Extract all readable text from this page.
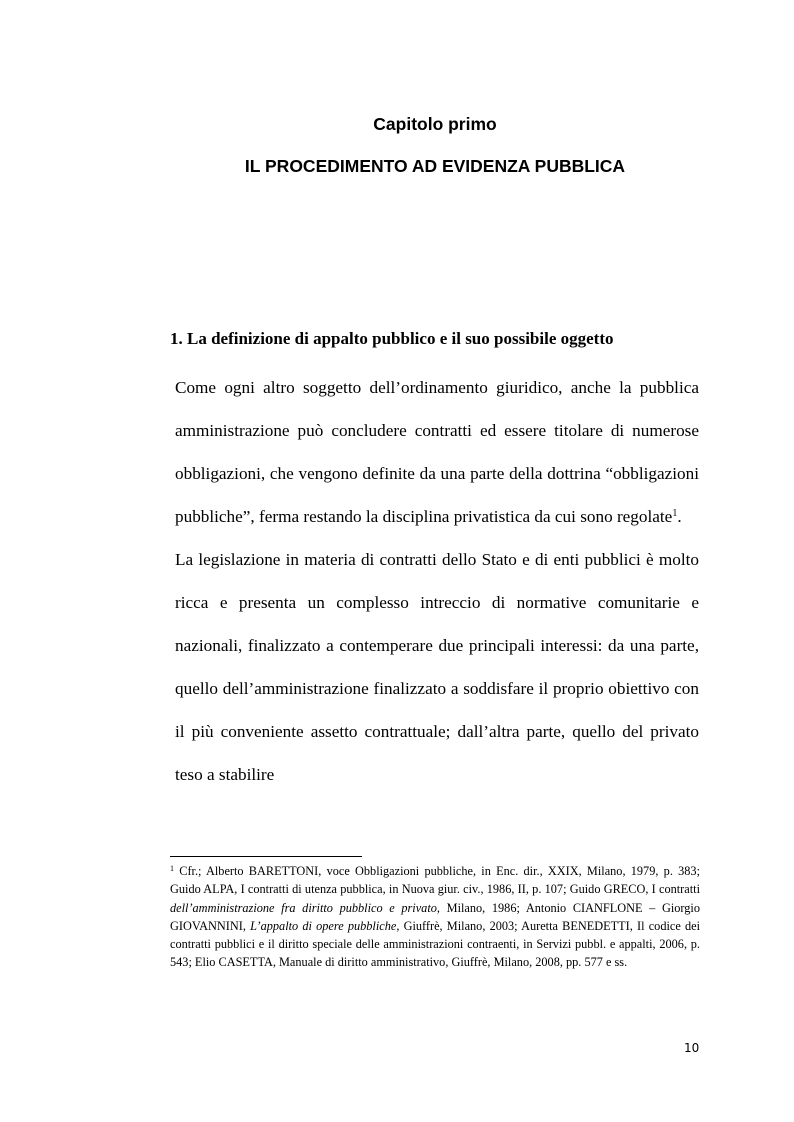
Capitolo primo
IL PROCEDIMENTO AD EVIDENZA PUBBLICA
1. La definizione di appalto pubblico e il suo possibile oggetto

Come ogni altro soggetto dell’ordinamento giuridico, anche la pubblica amministrazione può concludere contratti ed essere titolare di numerose obbligazioni, che vengono definite da una parte della dottrina “obbligazioni pubbliche”, ferma restando la disciplina privatistica da cui sono regolate$^1$.

La legislazione in materia di contratti dello Stato e di enti pubblici è molto ricca e presenta un complesso intreccio di normative comunitarie e nazionali, finalizzato a contemperare due principali interessi: da una parte, quello dell’amministrazione finalizzato a soddisfare il proprio obiettivo con il più conveniente assetto contrattuale; dall’altra parte, quello del privato teso a stabilire

$^1$ Cfr.; Alberto BARETTONI, voce Obbligazioni pubbliche, in Enc. dir., XXIX, Milano, 1979, p. 383; Guido ALPA, I contratti di utenza pubblica, in Nuova giur. civ., 1986, II, p. 107; Guido GRECO, I contratti dell’amministrazione fra diritto pubblico e privato, Milano, 1986; Antonio CIANFLONE – Giorgio GIOVANNINI, L’appalto di opere pubbliche, Giuffrè, Milano, 2003; Auretta BENEDETTI, Il codice dei contratti pubblici e il diritto speciale delle amministrazioni contraenti, in Servizi pubbl. e appalti, 2006, p. 543; Elio CASETTA, Manuale di diritto amministrativo, Giuffrè, Milano, 2008, pp. 577 e ss.
10
